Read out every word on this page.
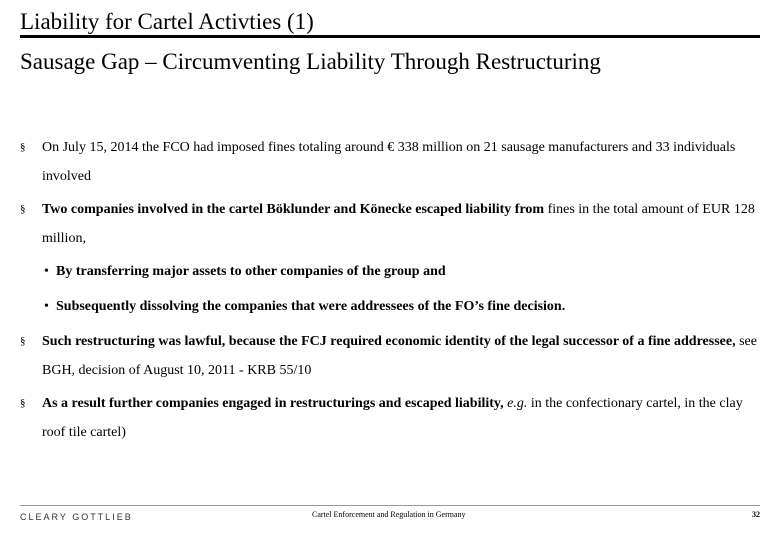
Liability for Cartel Activties (1)
Sausage Gap – Circumventing Liability Through Restructuring
§ On July 15, 2014 the FCO had imposed fines totaling around € 338 million on 21 sausage manufacturers and 33 individuals involved
§ Two companies involved in the cartel Böklunder and Könecke escaped liability from fines in the total amount of EUR 128 million,
• By transferring major assets to other companies of the group and
• Subsequently dissolving the companies that were addressees of the FO’s fine decision.
§ Such restructuring was lawful, because the FCJ required economic identity of the legal successor of a fine addressee, see BGH, decision of August 10, 2011 - KRB 55/10
§ As a result further companies engaged in restructurings and escaped liability, e.g. in the confectionary cartel, in the clay roof tile cartel)
CLEARY GOTTLIEB	Cartel Enforcement and Regulation in Germany	32
